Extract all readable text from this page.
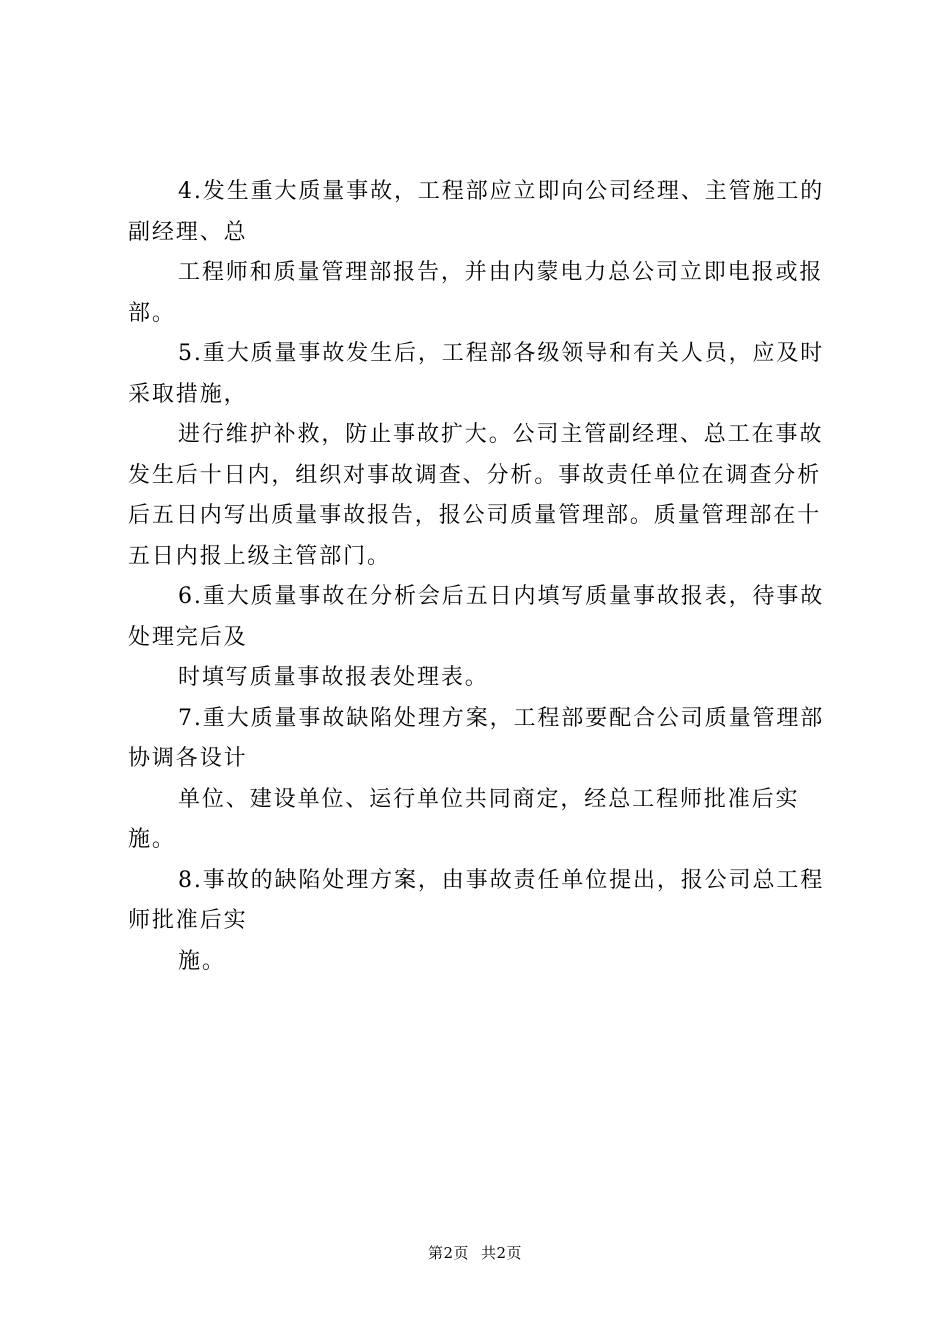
4.发生重大质量事故，工程部应立即向公司经理、主管施工的副经理、总

工程师和质量管理部报告，并由内蒙电力总公司立即电报或报部。

5.重大质量事故发生后，工程部各级领导和有关人员，应及时采取措施，

进行维护补救，防止事故扩大。公司主管副经理、总工在事故发生后十日内，组织对事故调查、分析。事故责任单位在调查分析后五日内写出质量事故报告，报公司质量管理部。质量管理部在十五日内报上级主管部门。

6.重大质量事故在分析会后五日内填写质量事故报表，待事故处理完后及

时填写质量事故报表处理表。

7.重大质量事故缺陷处理方案，工程部要配合公司质量管理部协调各设计

单位、建设单位、运行单位共同商定，经总工程师批准后实施。

8.事故的缺陷处理方案，由事故责任单位提出，报公司总工程师批准后实

施。

第2页 共2页
